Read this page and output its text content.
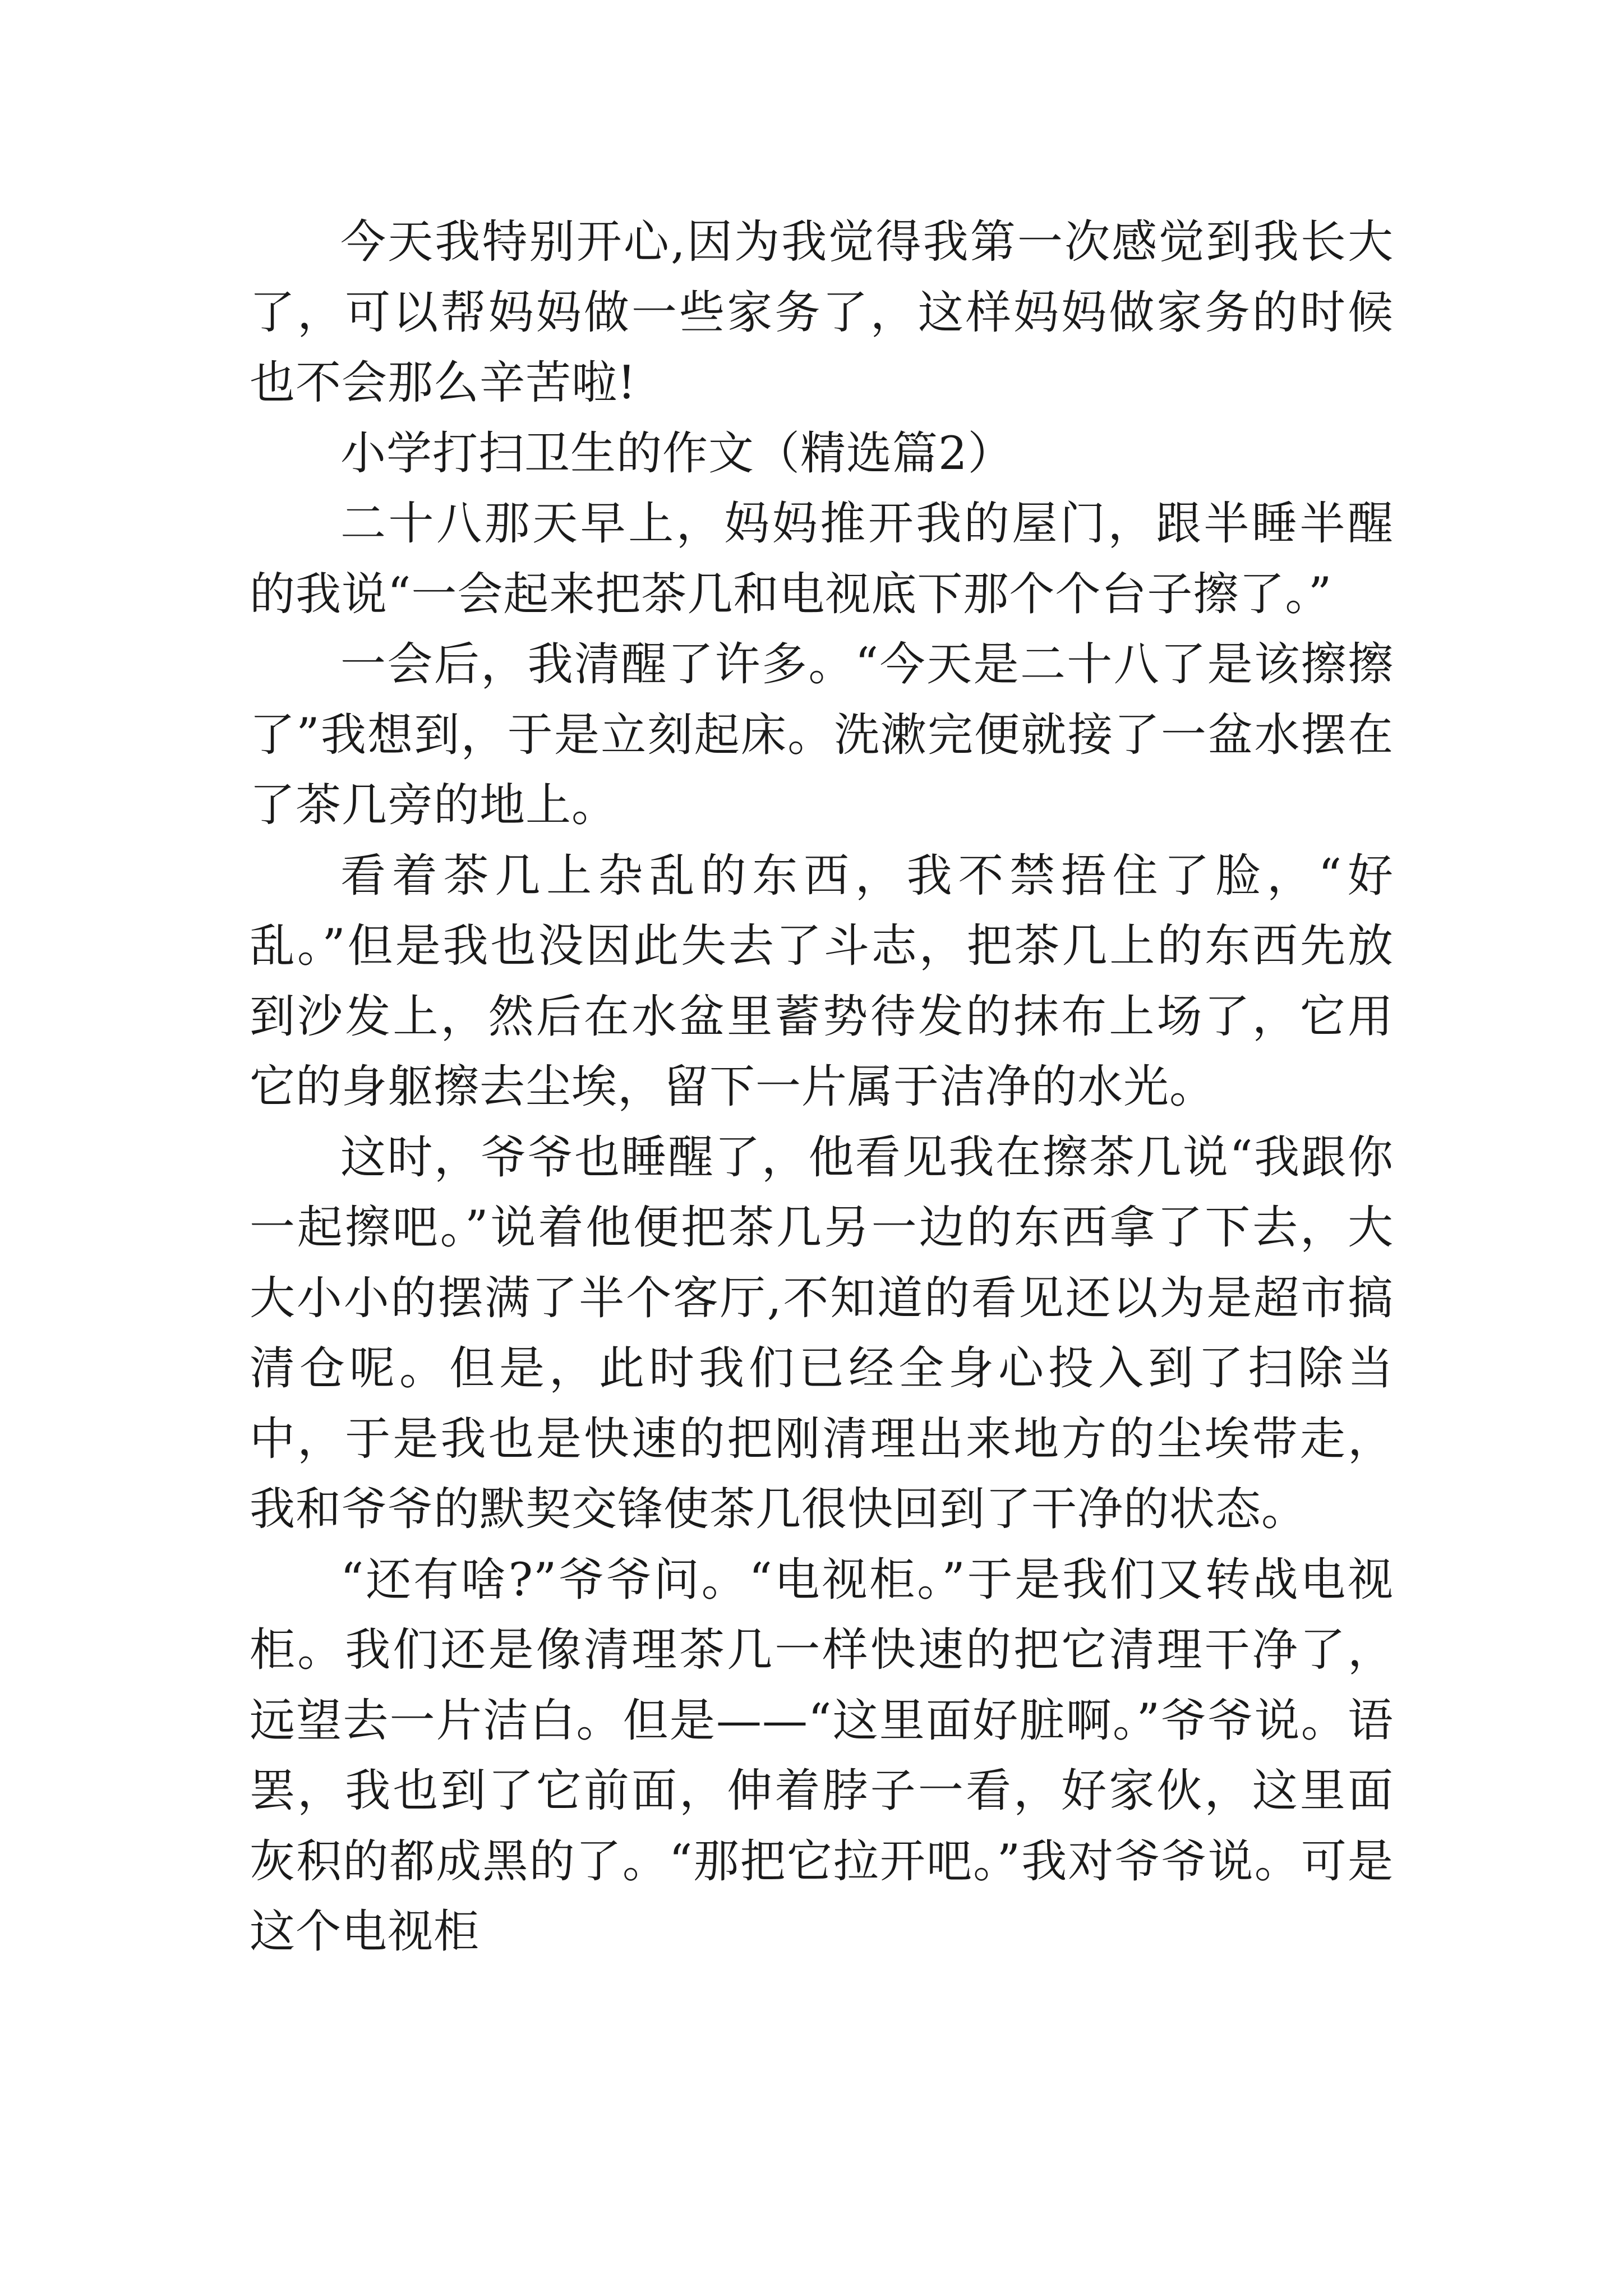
今天我特别开心,因为我觉得我第一次感觉到我长大了，可以帮妈妈做一些家务了，这样妈妈做家务的时候也不会那么辛苦啦!

小学打扫卫生的作文（精选篇2）

二十八那天早上，妈妈推开我的屋门，跟半睡半醒的我说“一会起来把茶几和电视底下那个个台子擦了。”

一会后，我清醒了许多。“今天是二十八了是该擦擦了”我想到，于是立刻起床。洗漱完便就接了一盆水摆在了茶几旁的地上。

看着茶几上杂乱的东西，我不禁捂住了脸，“好乱。”但是我也没因此失去了斗志，把茶几上的东西先放到沙发上，然后在水盆里蓄势待发的抹布上场了，它用它的身躯擦去尘埃，留下一片属于洁净的水光。

这时，爷爷也睡醒了，他看见我在擦茶几说“我跟你一起擦吧。”说着他便把茶几另一边的东西拿了下去，大大小小的摆满了半个客厅,不知道的看见还以为是超市搞清仓呢。但是，此时我们已经全身心投入到了扫除当中，于是我也是快速的把刚清理出来地方的尘埃带走，我和爷爷的默契交锋使茶几很快回到了干净的状态。

“还有啥?”爷爷问。“电视柜。”于是我们又转战电视柜。我们还是像清理茶几一样快速的把它清理干净了，远望去一片洁白。但是——“这里面好脏啊。”爷爷说。语罢，我也到了它前面，伸着脖子一看，好家伙，这里面灰积的都成黑的了。“那把它拉开吧。”我对爷爷说。可是这个电视柜
